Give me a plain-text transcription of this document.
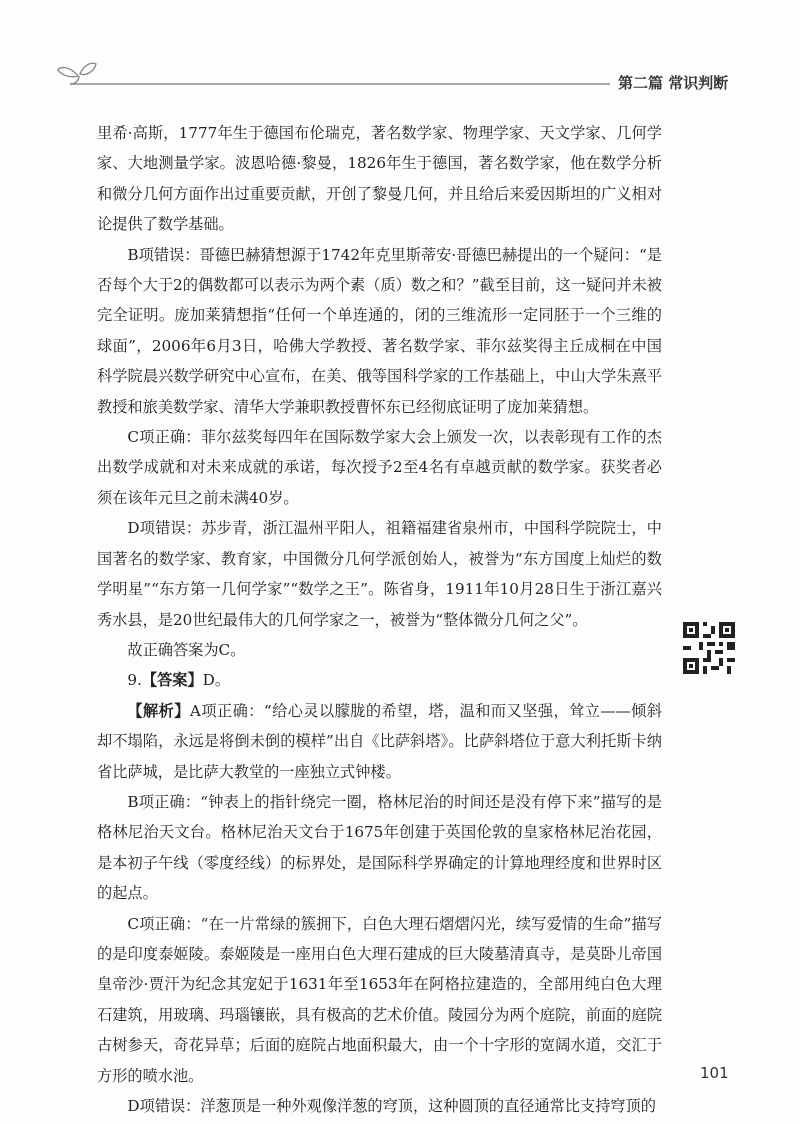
第二篇 常识判断

里希·高斯，1777年生于德国布伦瑞克，著名数学家、物理学家、天文学家、几何学家、大地测量学家。波恩哈德·黎曼，1826年生于德国，著名数学家，他在数学分析和微分几何方面作出过重要贡献，开创了黎曼几何，并且给后来爱因斯坦的广义相对论提供了数学基础。

B项错误：哥德巴赫猜想源于1742年克里斯蒂安·哥德巴赫提出的一个疑问：“是否每个大于2的偶数都可以表示为两个素（质）数之和？”截至目前，这一疑问并未被完全证明。庞加莱猜想指“任何一个单连通的，闭的三维流形一定同胚于一个三维的球面”，2006年6月3日，哈佛大学教授、著名数学家、菲尔兹奖得主丘成桐在中国科学院晨兴数学研究中心宣布，在美、俄等国科学家的工作基础上，中山大学朱熹平教授和旅美数学家、清华大学兼职教授曹怀东已经彻底证明了庞加莱猜想。

C项正确：菲尔兹奖每四年在国际数学家大会上颁发一次，以表彰现有工作的杰出数学成就和对未来成就的承诺，每次授予2至4名有卓越贡献的数学家。获奖者必须在该年元旦之前未满40岁。

D项错误：苏步青，浙江温州平阳人，祖籍福建省泉州市，中国科学院院士，中国著名的数学家、教育家，中国微分几何学派创始人，被誉为“东方国度上灿烂的数学明星”“东方第一几何学家”“数学之王”。陈省身，1911年10月28日生于浙江嘉兴秀水县，是20世纪最伟大的几何学家之一，被誉为“整体微分几何之父”。

故正确答案为C。

9.【答案】D。

【解析】A项正确：“给心灵以朦胧的希望，塔，温和而又坚强，耸立——倾斜却不塌陷，永远是将倒未倒的模样”出自《比萨斜塔》。比萨斜塔位于意大利托斯卡纳省比萨城，是比萨大教堂的一座独立式钟楼。

B项正确：“钟表上的指针绕完一圈，格林尼治的时间还是没有停下来”描写的是格林尼治天文台。格林尼治天文台于1675年创建于英国伦敦的皇家格林尼治花园，是本初子午线（零度经线）的标界处，是国际科学界确定的计算地理经度和世界时区的起点。

C项正确：“在一片常绿的簇拥下，白色大理石熠熠闪光，续写爱情的生命”描写的是印度泰姬陵。泰姬陵是一座用白色大理石建成的巨大陵墓清真寺，是莫卧儿帝国皇帝沙·贾汗为纪念其宠妃于1631年至1653年在阿格拉建造的，全部用纯白色大理石建筑，用玻璃、玛瑙镶嵌，具有极高的艺术价值。陵园分为两个庭院，前面的庭院古树参天，奇花异草；后面的庭院占地面积最大，由一个十字形的宽阔水道，交汇于方形的喷水池。

D项错误：洋葱顶是一种外观像洋葱的穹顶，这种圆顶的直径通常比支持穹顶的

101
